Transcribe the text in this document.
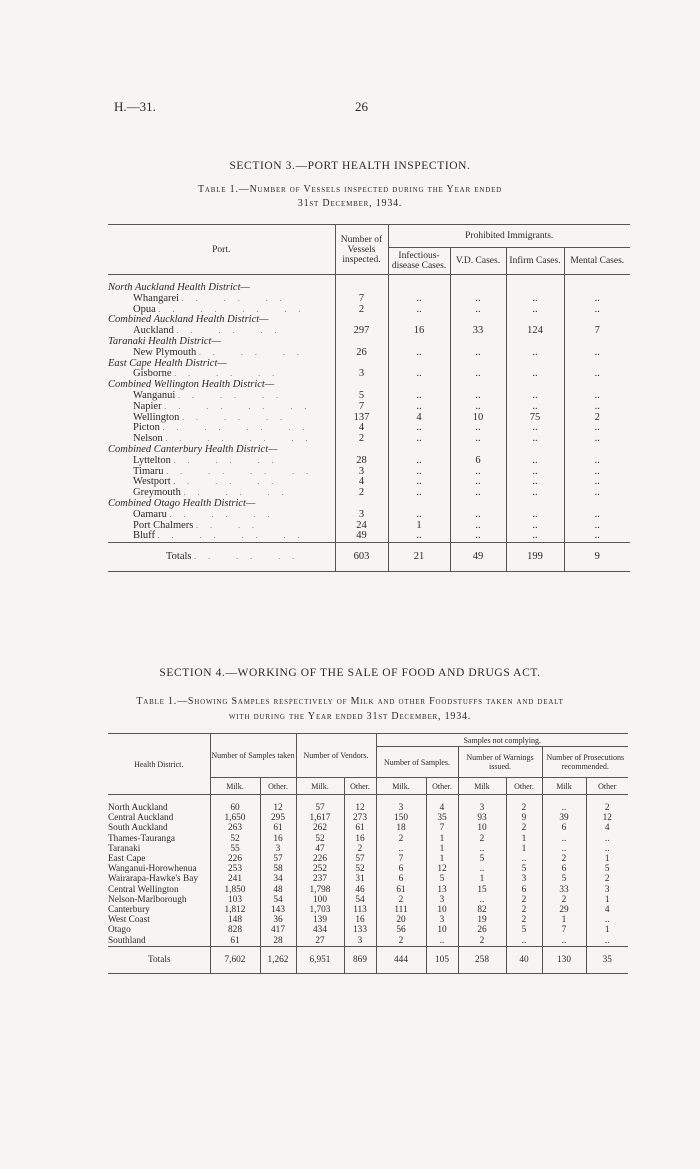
H.—31.	26
SECTION 3.—PORT HEALTH INSPECTION.
Table 1.—Number of Vessels inspected during the Year ended
31st December, 1934.
Port.	Number of Vessels inspected.	Prohibited Immigrants.			
		Infectious-disease Cases.	V.D. Cases.	Infirm Cases.	Mental Cases.

North Auckland Health District—					
Whangarei .. .. ..	7	..	..	..	..
Opua .. .. .. ..	2	..	..	..	..
Combined Auckland Health District—					
Auckland .. .. ..	297	16	33	124	7
Taranaki Health District—					
New Plymouth .. .. ..	26	..	..	..	..
East Cape Health District—					
Gisborne .. .. ..	3	..	..	..	..
Combined Wellington Health District—					
Wanganui .. .. ..	5	..	..	..	..
Napier .. .. .. ..	7	..	..	..	..
Wellington .. .. ..	137	4	10	75	2
Picton .. .. .. ..	4	..	..	..	..
Nelson .. .. .. ..	2	..	..	..	..
Combined Canterbury Health District—					
Lyttelton .. .. ..	28	..	6	..	..
Timaru .. .. .. ..	3	..	..	..	..
Westport .. .. ..	4	..	..	..	..
Greymouth .. .. ..	2	..	..	..	..
Combined Otago Health District—					
Oamaru .. .. ..	3	..	..	..	..
Port Chalmers .. ..	24	1	..	..	..
Bluff .. .. .. ..	49	..	..	..	..
Totals .. .. ..	603	21	49	199	9
SECTION 4.—WORKING OF THE SALE OF FOOD AND DRUGS ACT.
Table 1.—Showing Samples respectively of Milk and other Foodstuffs taken and dealt
with during the Year ended 31st December, 1934.
Health District.	Number of Samples taken		Number of Vendors.		Samples not complying.					
					Number of Samples.		Number of Warnings issued.		Number of Prosecutions recommended.	
	Milk.	Other.	Milk.	Other.	Milk.	Other.	Milk	Other.	Milk	Other

North Auckland	60	12	57	12	3	4	3	2	..	2
Central Auckland	1,650	295	1,617	273	150	35	93	9	39	12
South Auckland	263	61	262	61	18	7	10	2	6	4
Thames-Tauranga	52	16	52	16	2	1	2	1	..	..
Taranaki	55	3	47	2	..	1	..	1	..	..
East Cape	226	57	226	57	7	1	5	..	2	1
Wanganui-Horowhenua	253	58	252	52	6	12	..	5	6	5
Wairarapa-Hawke's Bay	241	34	237	31	6	5	1	3	5	2
Central Wellington	1,850	48	1,798	46	61	13	15	6	33	3
Nelson-Marlborough	103	54	100	54	2	3	..	2	2	1
Canterbury	1,812	143	1,703	113	111	10	82	2	29	4
West Coast	148	36	139	16	20	3	19	2	1	..
Otago	828	417	434	133	56	10	26	5	7	1
Southland	61	28	27	3	2	..	2	..	..	..
Totals	7,602	1,262	6,951	869	444	105	258	40	130	35
